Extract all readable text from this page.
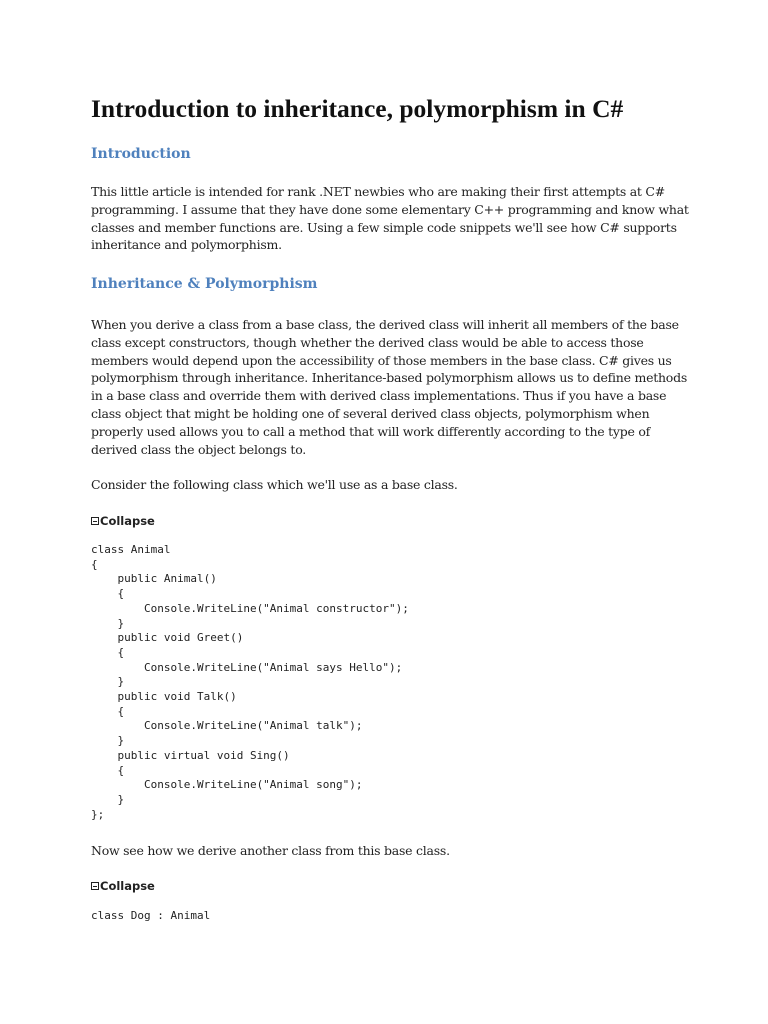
Introduction to inheritance, polymorphism in C#
Introduction

This little article is intended for rank .NET newbies who are making their first attempts at C#

programming. I assume that they have done some elementary C++ programming and know what

classes and member functions are. Using a few simple code snippets we'll see how C# supports

inheritance and polymorphism.

Inheritance & Polymorphism

When you derive a class from a base class, the derived class will inherit all members of the base

class except constructors, though whether the derived class would be able to access those

members would depend upon the accessibility of those members in the base class. C# gives us

polymorphism through inheritance. Inheritance-based polymorphism allows us to define methods

in a base class and override them with derived class implementations. Thus if you have a base

class object that might be holding one of several derived class objects, polymorphism when

properly used allows you to call a method that will work differently according to the type of

derived class the object belongs to.

Consider the following class which we'll use as a base class.

Collapse
class Animal
{
public Animal()
{
Console.WriteLine("Animal constructor");
}
public void Greet()
{
Console.WriteLine("Animal says Hello");
}
public void Talk()
{
Console.WriteLine("Animal talk");
}
public virtual void Sing()
{
Console.WriteLine("Animal song");
}
};

Now see how we derive another class from this base class.

Collapse
class Dog : Animal
